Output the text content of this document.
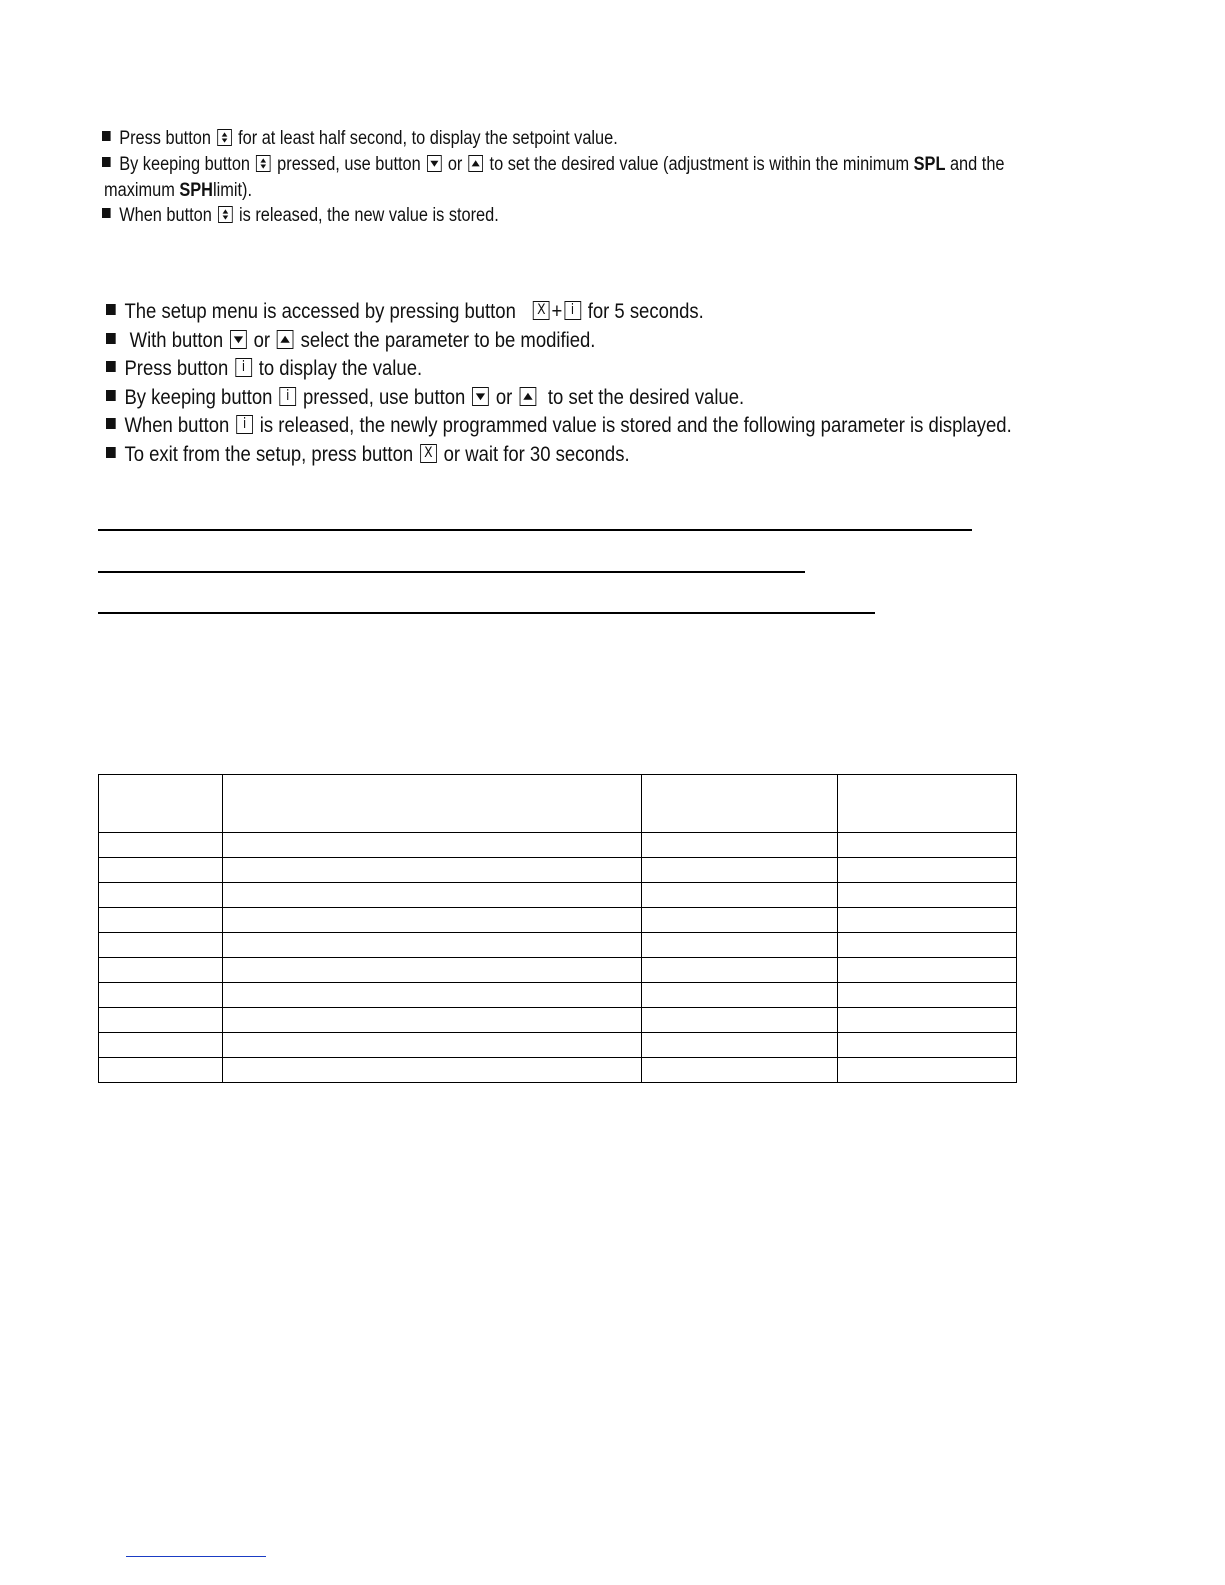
Press button for at least half second, to display the setpoint value.
By keeping button pressed, use button or to set the desired value (adjustment is within the minimum SPL and the
maximum SPHlimit).
When button is released, the new value is stored.
The setup menu is accessed by pressing button X + i for 5 seconds.
With button or select the parameter to be modified.
Press button i to display the value.
By keeping button i pressed, use button or to set the desired value.
When button i is released, the newly programmed value is stored and the following parameter is displayed.
To exit from the setup, press button X or wait for 30 seconds.
